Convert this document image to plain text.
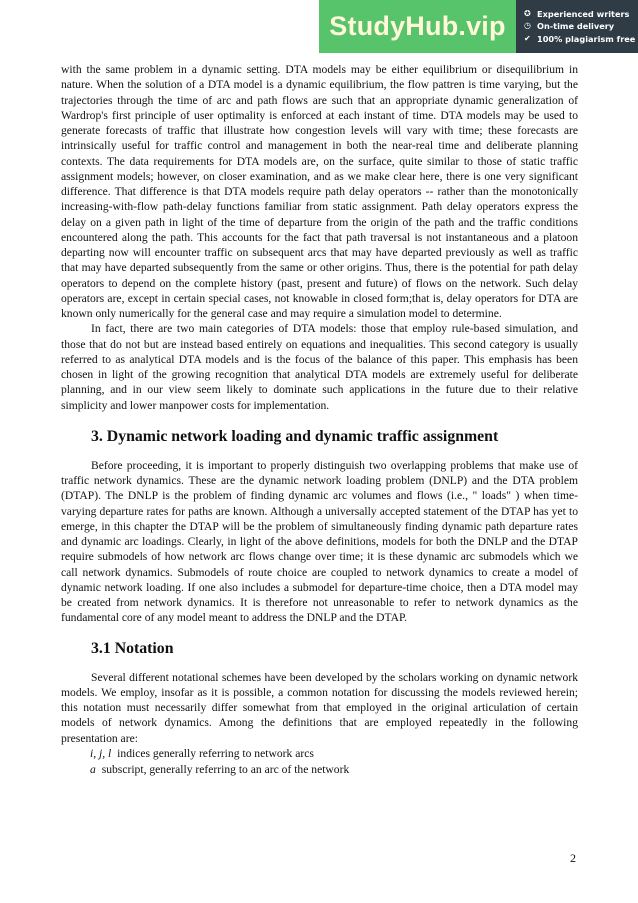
StudyHub.vip	✪ Experienced writers
◷ On-time delivery
✔ 100% plagiarism free

with the same problem in a dynamic setting. DTA models may be either equilibrium or disequilibrium in nature. When the solution of a DTA model is a dynamic equilibrium, the flow pattren is time varying, but the trajectories through the time of arc and path flows are such that an appropriate dynamic generalization of Wardrop's first principle of user optimality is enforced at each instant of time. DTA models may be used to generate forecasts of traffic that illustrate how congestion levels will vary with time; these forecasts are intrinsically useful for traffic control and management in both the near-real time and deliberate planning contexts. The data requirements for DTA models are, on the surface, quite similar to those of static traffic assignment models; however, on closer examination, and as we make clear here, there is one very significant difference. That difference is that DTA models require path delay operators -- rather than the monotonically increasing-with-flow path-delay functions familiar from static assignment. Path delay operators express the delay on a given path in light of the time of departure from the origin of the path and the traffic conditions encountered along the path. This accounts for the fact that path traversal is not instantaneous and a platoon departing now will encounter traffic on subsequent arcs that may have departed previously as well as traffic that may have departed subsequently from the same or other origins. Thus, there is the potential for path delay operators to depend on the complete history (past, present and future) of flows on the network. Such delay operators are, except in certain special cases, not knowable in closed form;that is, delay operators for DTA are known only numerically for the general case and may require a simulation model to determine.

In fact, there are two main categories of DTA models: those that employ rule-based simulation, and those that do not but are instead based entirely on equations and inequalities. This second category is usually referred to as analytical DTA models and is the focus of the balance of this paper. This emphasis has been chosen in light of the growing recognition that analytical DTA models are extremely useful for deliberate planning, and in our view seem likely to dominate such applications in the future due to their relative simplicity and lower manpower costs for implementation.

3. Dynamic network loading and dynamic traffic assignment

Before proceeding, it is important to properly distinguish two overlapping problems that make use of traffic network dynamics. These are the dynamic network loading problem (DNLP) and the DTA problem (DTAP). The DNLP is the problem of finding dynamic arc volumes and flows (i.e., " loads" ) when time-varying departure rates for paths are known. Although a universally accepted statement of the DTAP has yet to emerge, in this chapter the DTAP will be the problem of simultaneously finding dynamic path departure rates and dynamic arc loadings. Clearly, in light of the above definitions, models for both the DNLP and the DTAP require submodels of how network arc flows change over time; it is these dynamic arc submodels which we call network dynamics. Submodels of route choice are coupled to network dynamics to create a model of dynamic network loading. If one also includes a submodel for departure-time choice, then a DTA model may be created from network dynamics. It is therefore not unreasonable to refer to network dynamics as the fundamental core of any model meant to address the DNLP and the DTAP.

3.1 Notation

Several different notational schemes have been developed by the scholars working on dynamic network models. We employ, insofar as it is possible, a common notation for discussing the models reviewed herein; this notation must necessarily differ somewhat from that employed in the original articulation of certain models of network dynamics. Among the definitions that are employed repeatedly in the following presentation are:

i, j, l indices generally referring to network arcs
a subscript, generally referring to an arc of the network
2
